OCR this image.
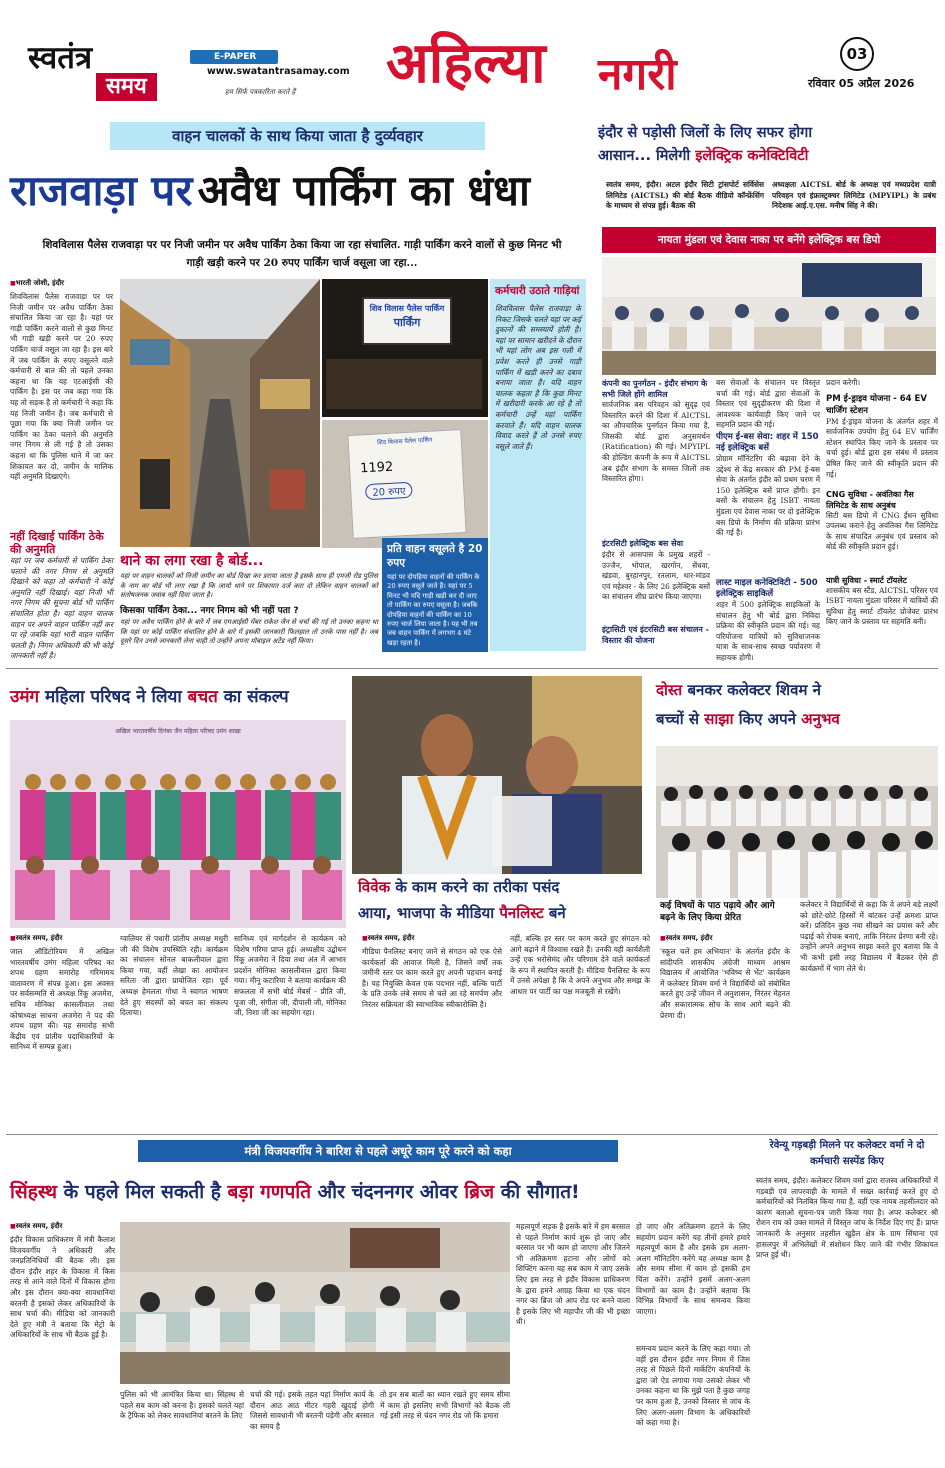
स्वतंत्र
समय
E-PAPER
www.swatantrasamay.com
हम सिर्फ पत्रकारिता करते हैं अहिल्या नगरी	03
रविवार 05 अप्रैल 2026
वाहन चालकों के साथ किया जाता है दुर्व्यवहार
राजवाड़ा पर अवैध पार्किंग का धंधा
शिवविलास पैलेस राजवाड़ा पर पर निजी जमीन पर अवैध पार्किंग ठेका किया जा रहा संचालित. गाड़ी पार्किंग करने वालों से कुछ मिनट भी गाड़ी खड़ी करने पर 20 रुपए पार्किंग चार्ज वसूला जा रहा...
■ भारती जोशी, इंदौर
शिवविलास पैलेस राजवाड़ा पर पर निजी जमीन पर अवैध पार्किंग ठेका संचालित किया जा रहा है। यहां पर गाड़ी पार्किंग करने वालों से कुछ मिनट भी गाड़ी खड़ी करने पर 20 रुपए पार्किंग चार्ज वसूल जा रहा है। इस बारे में जब पार्किंग के रुपए वसूलने वाले कर्मचारी से बात की तो पहले उनका कहना था कि यह एटआईसी की पार्किंग है। इस पर जब कहा गया कि यह तो सड़क है तो कर्मचारी ने कहा कि यह निजी जमीन है। जब कर्मचारी से पूछा गया कि क्या निजी जमीन पर पार्किंग का ठेका चलाने की अनुमति नगर निगम से ली गई है तो उसका कहना था कि पुलिस थाने में जा कर शिकायत कर दो, जमीन के मालिक यहीं अनुमति दिखाएंगे।
नहीं दिखाई पार्किंग ठेके की अनुमति
यहां पर जब कर्मचारी से पार्किंग ठेका चलाने की नगर निगम से अनुमति दिखाने को कहा तो कर्मचारी ने कोई अनुमति नहीं दिखाई। यहां निजी भी नगर निगम की सूचना बोर्ड भी पार्किंग संचालित होता है। यहां वाहन चालक वाहन पर अपने वाहन पार्किंग नहीं कर पा रहे जबकि यहां भारी वाहन पार्किंग चलती है। निगम अधिकारी की भी कोई जानकारी नहीं है।
शिव विलास पैलेस पार्किंग
पार्किंग
शिव विलास पैलेस पार्किंग
1192
20 रुपए
कर्मचारी उठाते गाड़ियां
शिवविलास पैलेस राजवाड़ा के निकट जिसके चलते यहां पर कई दुकानों की समस्यायें होती है। यहां पर सामान खरीदने के दौरान भी यहां लोग अब इस गली में प्रवेश करते ही उनसे गाड़ी पार्किंग में खड़ी करने का दबाव बनाया जाता है। यदि वाहन चालक कहता है कि कुछ मिनट में खरीदारी करके आ रहे है तो कर्मचारी उन्हें यहां पार्किंग करवाते हैं। यदि वाहन चालक विवाद करते हैं तो उनसे रुपए वसूले जाते हैं।
थाने का लगा रखा है बोर्ड...
यहां पर वाहन चालकों को निजी जमीन का बोर्ड दिखा कर डराया जाता है इसके साथ ही एमजी रोड पुलिस के नाम का बोर्ड भी लगा रखा है कि जायो थाने पर शिकायत दर्ज करा दो लेकिन वाहन चालकों को संतोषजनक जवाब नहीं दिया जाता है।
किसका पार्किंग ठेका... नगर निगम को भी नहीं पता ?
यहां पर अवैध पार्किंग होने के बारे में जब एमआईसी मेंबर राकेश जैन से चर्चा की गई तो उनका कहना था कि यहां पर कोई पार्किंग संचालित होने के बारे में इसकी जानकारी फिलहाल तो उनके पास नहीं है। जब दूसरे दिन उनसे जानकारी लेना चाही तो उन्होंने अपना मोबाइल अटेंड नहीं किया।
प्रति वाहन वसूलते है 20 रुपए
यहां पर दोपहिया वाहनों की पार्किंग के 20 रुपए वसूले जाते है। यहां पर 5 मिनट भी यदि गाड़ी खड़ी कर दी जाए तो पार्किंग का रुपए वसूला है। जबकि दोपहिया वाहनों की पार्किंग का 10 रुपए चार्ज लिया जाता है। यह भी तब जब वाहन पार्किंग में लगभग 4 घंटे खड़ा रहता है।
इंदौर से पड़ोसी जिलों के लिए सफर होगा
आसान... मिलेगी इलेक्ट्रिक कनेक्टिविटी
स्वतंत्र समय, इंदौर। अटल इंदौर सिटी ट्रांसपोर्ट सर्विसेस लिमिटेड (AICTSL) की बोर्ड बैठक वीडियो कॉन्फ्रेंसिंग के माध्यम से संपन्न हुई। बैठक की
अध्यक्षता AICTSL बोर्ड के अध्यक्ष एवं मध्यप्रदेश यात्री परिवहन एवं इंफ्रास्ट्रक्चर लिमिटेड (MPYIPL) के प्रबंध निदेशक आई.ए.एस. मनीष सिंह ने की।
नायता मुंडला एवं देवास नाका पर बनेंगे इलेक्ट्रिक बस डिपो
कंपनी का पुनर्गठन - इंदौर संभाग के सभी जिले होंगे शामिल
सार्वजनिक बस परिवहन को सुदृढ़ एवं विस्तारित करने की दिशा में AICTSL का औपचारिक पुनर्गठन किया गया है, जिसकी बोर्ड द्वारा अनुसमर्थन (Ratification) की गई। MPYIPL की होल्डिंग कंपनी के रूप में AICTSL अब इंदौर संभाग के समस्त जिलों तक विस्तारित होगा।
इंटरसिटी इलेक्ट्रिक बस सेवा
इंदौर से आसपास के प्रमुख शहरों - उज्जैन, भोपाल, खरगोन, सेंधवा, खंडवा, बुरहानपुर, रतलाम, धार-मांडव एवं महेश्वर - के लिए 26 इलेक्ट्रिक बसों का संचालन शीघ्र प्रारंभ किया जाएगा।
इंट्रासिटी एवं इंटरसिटी बस संचालन - विस्तार की योजना
बस सेवाओं के संचालन पर विस्तृत चर्चा की गई। बोर्ड द्वारा सेवाओं के विस्तार एवं सुदृढ़ीकरण की दिशा में आवश्यक कार्यवाही किए जाने पर सहमति प्रदान की गई।
पीएम ई-बस सेवा: शहर में 150 नई इलेक्ट्रिक बसें
प्रोग्राम मॉनिटरिंग की बढ़ावा देने के उद्देश्य से केंद्र सरकार की PM ई-बस सेवा के अंतर्गत इंदौर को प्रथम चरण में 150 इलेक्ट्रिक बसें प्राप्त होंगी। इन बसों के संचालन हेतु ISBT नायता मुंडला एवं देवास नाका पर दो इलेक्ट्रिक बस डिपो के निर्माण की प्रक्रिया प्रारंभ की गई है।
लास्ट माइल कनेक्टिविटी - 500 इलेक्ट्रिक साइकिलें
शहर में 500 इलेक्ट्रिक साइकिलों के संचालन हेतु भी बोर्ड द्वारा निविदा प्रक्रिया की स्वीकृति प्रदान की गई। यह परियोजना यात्रियों को सुविधाजनक यात्रा के साथ-साथ स्वच्छ पर्यावरण में सहायक होगी।
प्रदान करेगी।
PM ई-ड्राइव योजना - 64 EV चार्जिंग स्टेशन
PM ई-ड्राइव योजना के अंतर्गत शहर में सार्वजनिक उपयोग हेतु 64 EV चार्जिंग स्टेशन स्थापित किए जाने के प्रस्ताव पर चर्चा हुई। बोर्ड द्वारा इस संबंध में प्रस्ताव प्रेषित किए जाने की स्वीकृति प्रदान की गई।
CNG सुविधा - अवंतिका गैस लिमिटेड के साथ अनुबंध
सिटी बस डिपो में CNG ईंधन सुविधा उपलब्ध कराने हेतु अवंतिका गैस लिमिटेड के साथ संपादित अनुबंध एवं प्रस्ताव को बोर्ड की स्वीकृति प्रदान हुई।
यात्री सुविधा - स्मार्ट टॉयलेट
शासकीय बस स्टैंड, AICTSL परिसर एवं ISBT नायता मुंडला परिसर में यात्रियों की सुविधा हेतु स्मार्ट टॉयलेट प्रोजेक्ट प्रारंभ किए जाने के प्रस्ताव पर सहमति बनी।
उमंग महिला परिषद ने लिया बचत का संकल्प
अखिल भारतवर्षीय दिगंबर जैन महिला परिषद उमंग शाखा
■ स्वतंत्र समय, इंदौर
जाल ऑडिटोरियम में अखिल भारतवर्षीय उमंग महिला परिषद का शपथ ग्रहण समारोह गरिमामय वातावरण में संपन्न हुआ। इस अवसर पर सर्वसम्मति से अध्यक्ष रिंकू अजमेरा, सचिव मोनिका कासलीवाल तथा कोषाध्यक्ष साधना अजमेरा ने पद की शपथ ग्रहण की। यह समारोह सभी केंद्रीय एवं प्रांतीय पदाधिकारियों के सानिध्य में सम्पन्न हुआ।
ग्वालियर से पधारी प्रांतीय अध्यक्ष मधुरी जी की विशेष उपस्थिति रही। कार्यक्रम का संचालन सोनल बाकलीवाल द्वारा किया गया, वहीं लेखा का आयोजन सरिता जी द्वारा प्रायोजित रहा। पूर्व अध्यक्ष हेमलता गोधा ने स्वागत भाषण देते हुए सदस्यों को बचत का संकल्प दिलाया।
सानिध्य एवं मार्गदर्शन से कार्यक्रम को विशेष गरिमा प्राप्त हुई। अध्यक्षीय उद्बोधन रिंकू अजमेरा ने दिया तथा अंत में आभार प्रदर्शन मोनिका कासलीवाल द्वारा किया गया। मीनू कटारिया ने बताया कार्यक्रम की सफलता में सभी बोर्ड मेंबर्स - प्रीति जी, पूजा जी, संगीता जी, दीपाली जी, मोनिका जी, निशा जी का सहयोग रहा।
विवेक के काम करने का तरीका पसंद
आया, भाजपा के मीडिया पैनलिस्ट बने
■ स्वतंत्र समय, इंदौर
मीडिया पैनलिस्ट बनाए जाने से संगठन को एक ऐसे कार्यकर्ता की आवाज मिली है, जिसने वर्षों तक जमीनी स्तर पर काम करते हुए अपनी पहचान बनाई है। यह नियुक्ति केवल एक पदभार नहीं, बल्कि पार्टी के प्रति उनके लंबे समय से चले आ रहे समर्पण और निरंतर सक्रियता की स्वाभाविक स्वीकारोक्ति है।
नहीं, बल्कि हर स्तर पर काम करते हुए संगठन को आगे बढ़ाने में विश्वास रखते हैं। उनकी यही कार्यशैली उन्हें एक भरोसेमंद और परिणाम देने वाले कार्यकर्ता के रूप में स्थापित करती है। मीडिया पैनलिस्ट के रूप में उनसे अपेक्षा है कि वे अपने अनुभव और समझ के आधार पर पार्टी का पक्ष मजबूती से रखेंगे।
दोस्त बनकर कलेक्टर शिवम ने
बच्चों से साझा किए अपने अनुभव
कई विषयों के पाठ पढ़ाये और आगे बढ़ने के लिए किया प्रेरित
■ स्वतंत्र समय, इंदौर
'स्कूल चलें हम अभियान' के अंतर्गत इंदौर के सांदीपनि शासकीय अंग्रेजी माध्यम आश्रम विद्यालय में आयोजित 'भविष्य से भेंट' कार्यक्रम में कलेक्टर शिवम वर्मा ने विद्यार्थियों को संबोधित करते हुए उन्हें जीवन में अनुशासन, निरंतर मेहनत और सकारात्मक सोच के साथ आगे बढ़ने की प्रेरणा दी।
कलेक्टर ने विद्यार्थियों से कहा कि वे अपने बड़े लक्ष्यों को छोटे-छोटे हिस्सों में बांटकर उन्हें क्रमशः प्राप्त करें। प्रतिदिन कुछ नया सीखने का प्रयास करें और पढ़ाई को रोचक बनाएं, ताकि निरंतर प्रेरणा बनी रहे। उन्होंने अपने अनुभव साझा करते हुए बताया कि वे भी कभी इसी तरह विद्यालय में बैठकर ऐसे ही कार्यक्रमों में भाग लेते थे।
रेवेन्यू गड़बड़ी मिलने पर कलेक्टर वर्मा ने दो कर्मचारी सस्पेंड किए
स्वतंत्र समय, इंदौर। कलेक्टर शिवम वर्मा द्वारा राजस्व अधिकारियों में गड़बड़ी एवं लापरवाही के मामले में सख्त कार्रवाई करते हुए दो कर्मचारियों को निलंबित किया गया है, वहीं एक नायब तहसीलदार को कारण बताओ सूचना-पत्र जारी किया गया है। अपर कलेक्टर श्री रोशन राय को उक्त मामले में विस्तृत जांच के निर्देश दिए गए हैं। प्राप्त जानकारी के अनुसार तहसील खुड़ैल क्षेत्र के ग्राम सिंघाना एवं हासलपुर में अभिलेखों में संशोधन किए जाने की गंभीर शिकायत प्राप्त हुई थी।
मंत्री विजयवर्गीय ने बारिश से पहले अधूरे काम पूरे करने को कहा
सिंहस्थ के पहले मिल सकती है बड़ा गणपति और चंदननगर ओवर ब्रिज की सौगात!
■ स्वतंत्र समय, इंदौर
इंदौर विकास प्राधिकरण में मंत्री कैलाश विजयवर्गीय ने अधिकारी और जनप्रतिनिधियों की बैठक ली। इस दौरान इंदौर शहर के विकास में किस तरह से आने वाले दिनों में विकास होगा और इस दौरान क्या-क्या सावधानियां बरतनी है इसको लेकर अधिकारियों के साथ चर्चा की। मीडिया को जानकारी देते हुए मंत्री ने बताया कि मेट्रो के अधिकारियों के साथ भी बैठक हुई है।
पुलिस को भी आमंत्रित किया था। सिंहस्थ से पहले सब काम को करना है। इसको चलते यहां के ट्रैफिक को लेकर सावधानियां बरतने के लिए
चर्चा की गई। इसके तहत यहां निर्माण कार्य के दौरान आठ आठ मीटर गहरी खुदाई होगी जिससे सावधानी भी बरतनी पड़ेगी और बरसात का समय है
तो इन सब बातों का ध्यान रखते हुए समय सीमा में काम हो इसलिए सभी विभागों को बैठक ली गई इसी तरह से चंदन नगर रोड जो कि हमारा
महत्वपूर्ण सड़क है इसके बारे में हम बरसात से पहले निर्माण कार्य शुरू हो जाए और बरसात पर भी काम हो जाएगा और जितने भी अतिक्रमण हटाना और लोगों को शिफ्टिंग करना यह सब काम मे जाए उसके लिए इस तरह से इंदौर विकास प्राधिकरण के द्वारा हमने आग्रह किया था एक चंदन नगर का ब्रिज जो आप रोड पर बनने वाला है इसके लिए भी महापौर जी की भी इच्छा थी।
हो जाए और अतिक्रमण हटाने के लिए सहयोग प्रदान करेंगे यह तीनों हमारे हमारे महत्वपूर्ण काम है और इसके हम अलग-अलग मॉनिटरिंग करेंगे यह अध्यक्ष काम है और समय सीमा में काम हो इसकी हम चिंता करेंगे। उन्होंने इसमें अलग-अलग विभागों का काम है। उन्होंने बताया कि विभिन्न विभागों के साथ समन्वय किया जाएगा।
समन्वय प्रदान करने के लिए कहा गया। तो वहीं इस दौरान इंदौर नगर निगम में जिस तरह से पिछले दिनों मार्केटिंग कंपनियों के द्वारा जो ऐड लगाया गया उसको लेकर भी उनका कहना था कि मुझे पता है कुछ जगह पर काम हुआ है, उनको विस्तार से जांच के लिए अलग-अलग विभाग के अधिकारियों को कहा गया है।
